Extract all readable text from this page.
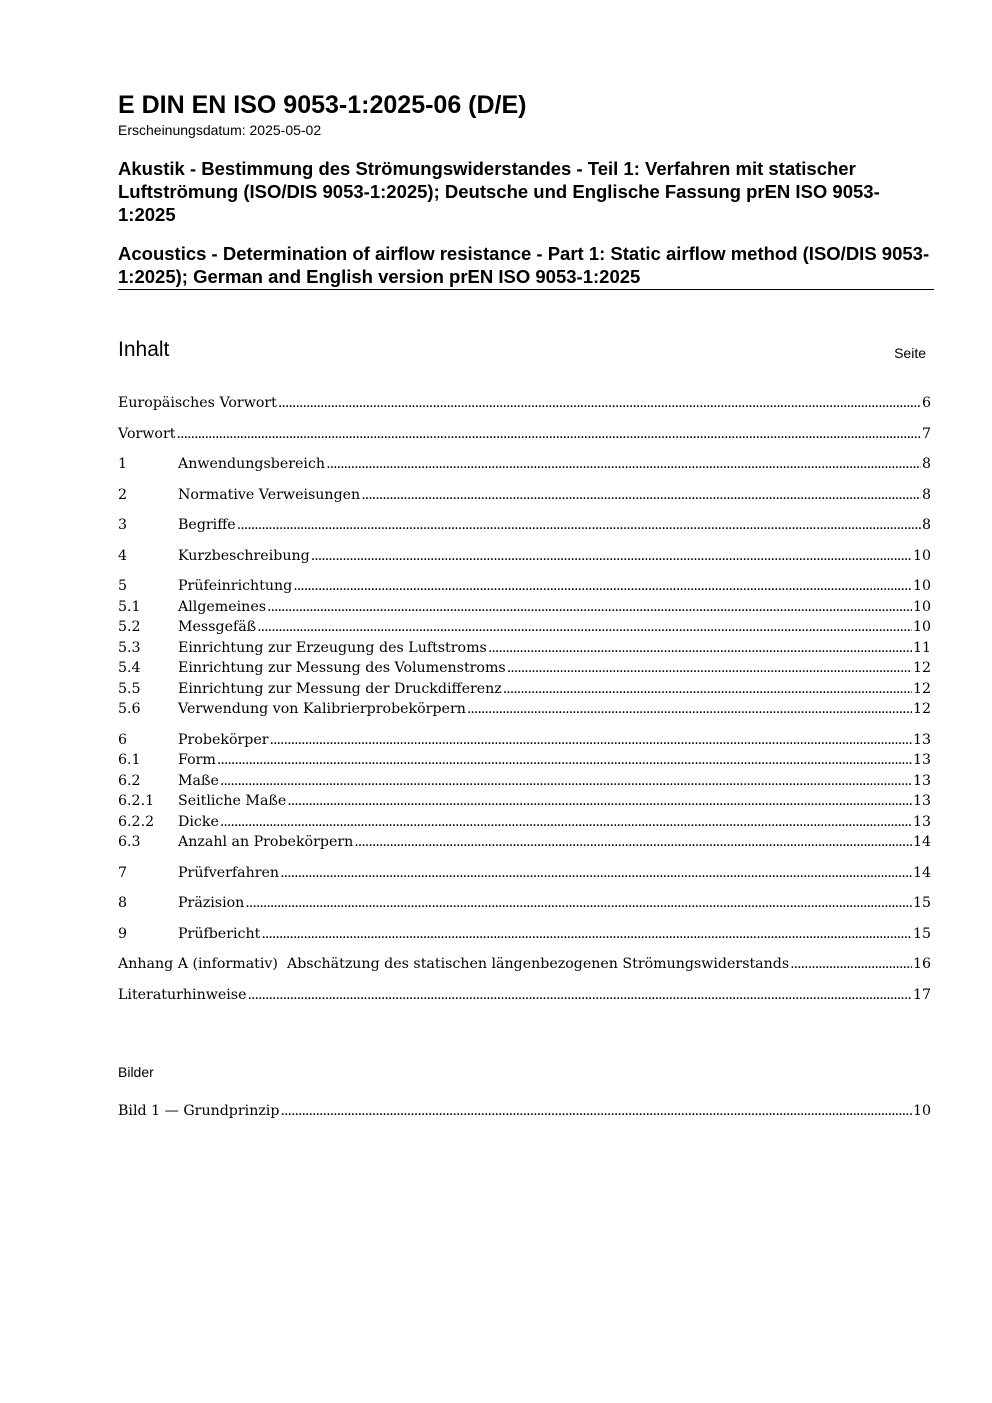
E DIN EN ISO 9053-1:2025-06 (D/E)

Erscheinungsdatum: 2025-05-02

Akustik - Bestimmung des Strömungswiderstandes - Teil 1: Verfahren mit statischer Luftströmung (ISO/DIS 9053-1:2025); Deutsche und Englische Fassung prEN ISO 9053-1:2025

Acoustics - Determination of airflow resistance - Part 1: Static airflow method (ISO/DIS 9053-1:2025); German and English version prEN ISO 9053-1:2025

Inhalt	Seite
Europäisches Vorwort .....	6
Vorwort .....	7
1	Anwendungsbereich .....	8
2	Normative Verweisungen .....	8
3	Begriffe .....	8
4	Kurzbeschreibung .....	10
5	Prüfeinrichtung .....	10
5.1	Allgemeines .....	10
5.2	Messgefäß .....	10
5.3	Einrichtung zur Erzeugung des Luftstroms .....	11
5.4	Einrichtung zur Messung des Volumenstroms .....	12
5.5	Einrichtung zur Messung der Druckdifferenz .....	12
5.6	Verwendung von Kalibrierprobekörpern .....	12
6	Probekörper .....	13
6.1	Form .....	13
6.2	Maße .....	13
6.2.1	Seitliche Maße .....	13
6.2.2	Dicke .....	13
6.3	Anzahl an Probekörpern .....	14
7	Prüfverfahren .....	14
8	Präzision .....	15
9	Prüfbericht .....	15
Anhang A (informativ)  Abschätzung des statischen längenbezogenen Strömungswiderstands .....	16
Literaturhinweise .....	17
Bilder
Bild 1 — Grundprinzip .....	10
